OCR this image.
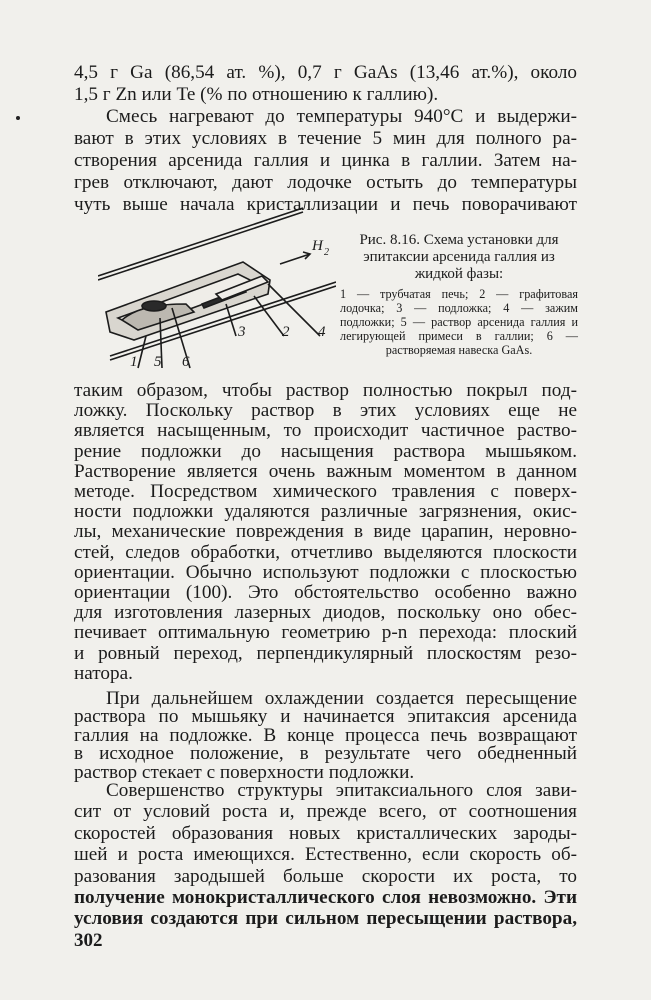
4,5 г Ga (86,54 ат. %), 0,7 г GaAs (13,46 ат.%), около
1,5 г Zn или Te (% по отношению к галлию).
Смесь нагревают до температуры 940°С и выдержи-
вают в этих условиях в течение 5 мин для полного ра-
створения арсенида галлия и цинка в галлии. Затем на-
грев отключают, дают лодочке остыть до температуры
чуть выше начала кристаллизации и печь поворачивают
H 2
1 5 6
3 2 4
Рис. 8.16. Схема установки для эпитаксии арсенида галлия из жидкой фазы:
1 — трубчатая печь; 2 — графитовая лодочка; 3 — подложка; 4 — зажим подложки; 5 — раствор арсенида галлия и легирующей примеси в галлии; 6 — растворяемая навеска GaAs.
таким образом, чтобы раствор полностью покрыл под-
ложку. Поскольку раствор в этих условиях еще не
является насыщенным, то происходит частичное раство-
рение подложки до насыщения раствора мышьяком.
Растворение является очень важным моментом в данном
методе. Посредством химического травления с поверх-
ности подложки удаляются различные загрязнения, окис-
лы, механические повреждения в виде царапин, неровно-
стей, следов обработки, отчетливо выделяются плоскости
ориентации. Обычно используют подложки с плоскостью
ориентации (100). Это обстоятельство особенно важно
для изготовления лазерных диодов, поскольку оно обес-
печивает оптимальную геометрию p-n перехода: плоский
и ровный переход, перпендикулярный плоскостям резо-
натора.
При дальнейшем охлаждении создается пересыщение
раствора по мышьяку и начинается эпитаксия арсенида
галлия на подложке. В конце процесса печь возвращают
в исходное положение, в результате чего обедненный
раствор стекает с поверхности подложки.
302
Совершенство структуры эпитаксиального слоя зави-
сит от условий роста и, прежде всего, от соотношения
скоростей образования новых кристаллических зароды-
шей и роста имеющихся. Естественно, если скорость об-
разования зародышей больше скорости их роста, то
получение монокристаллического слоя невозможно. Эти
условия создаются при сильном пересыщении раствора,
